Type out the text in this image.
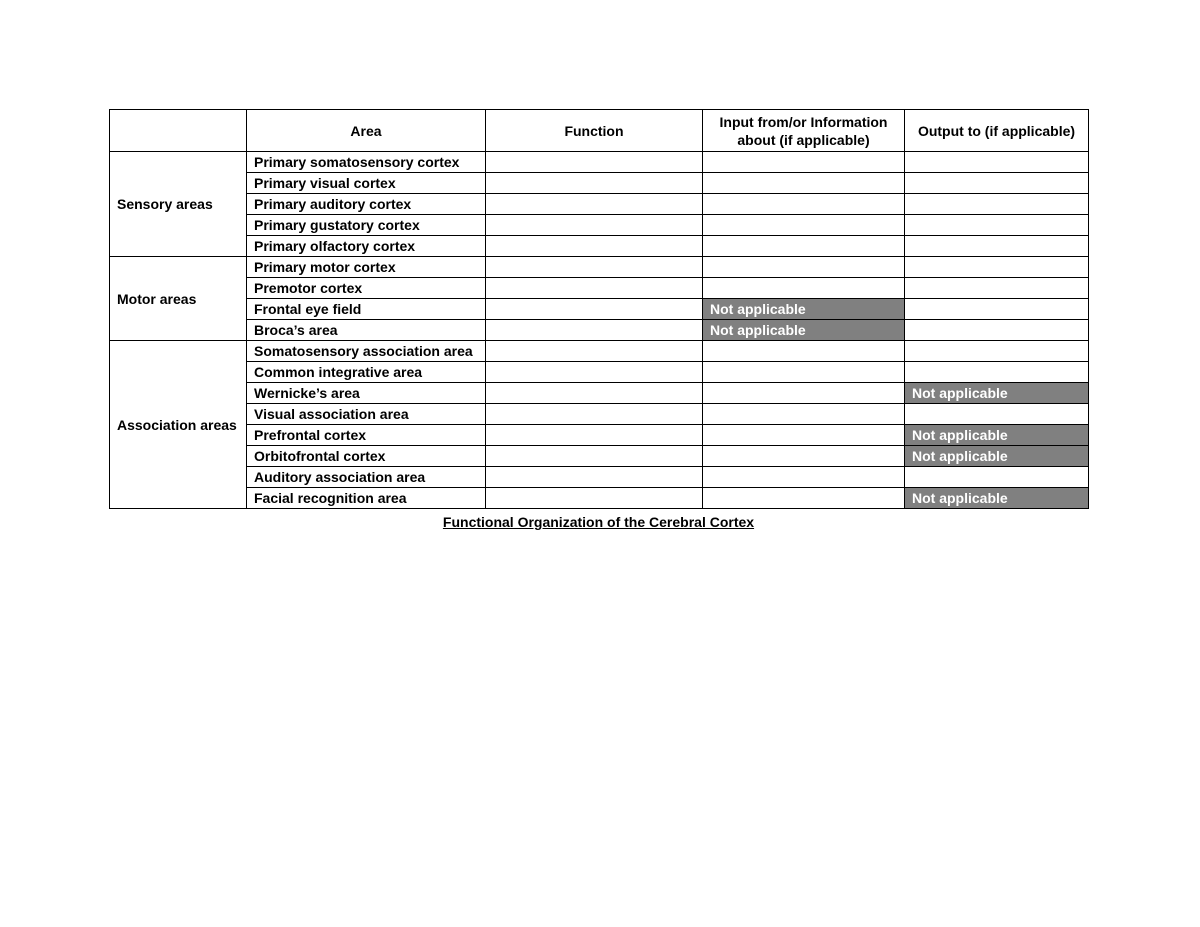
	Area	Function	Input from/or Information about (if applicable)	Output to (if applicable)
Sensory areas	Primary somatosensory cortex			
	Primary visual cortex			
	Primary auditory cortex			
	Primary gustatory cortex			
	Primary olfactory cortex			
Motor areas	Primary motor cortex			
	Premotor cortex			
	Frontal eye field		Not applicable	
	Broca’s area		Not applicable	
Association areas	Somatosensory association area			
	Common integrative area			
	Wernicke’s area			Not applicable
	Visual association area			
	Prefrontal cortex			Not applicable
	Orbitofrontal cortex			Not applicable
	Auditory association area			
	Facial recognition area			Not applicable
Functional Organization of the Cerebral Cortex
